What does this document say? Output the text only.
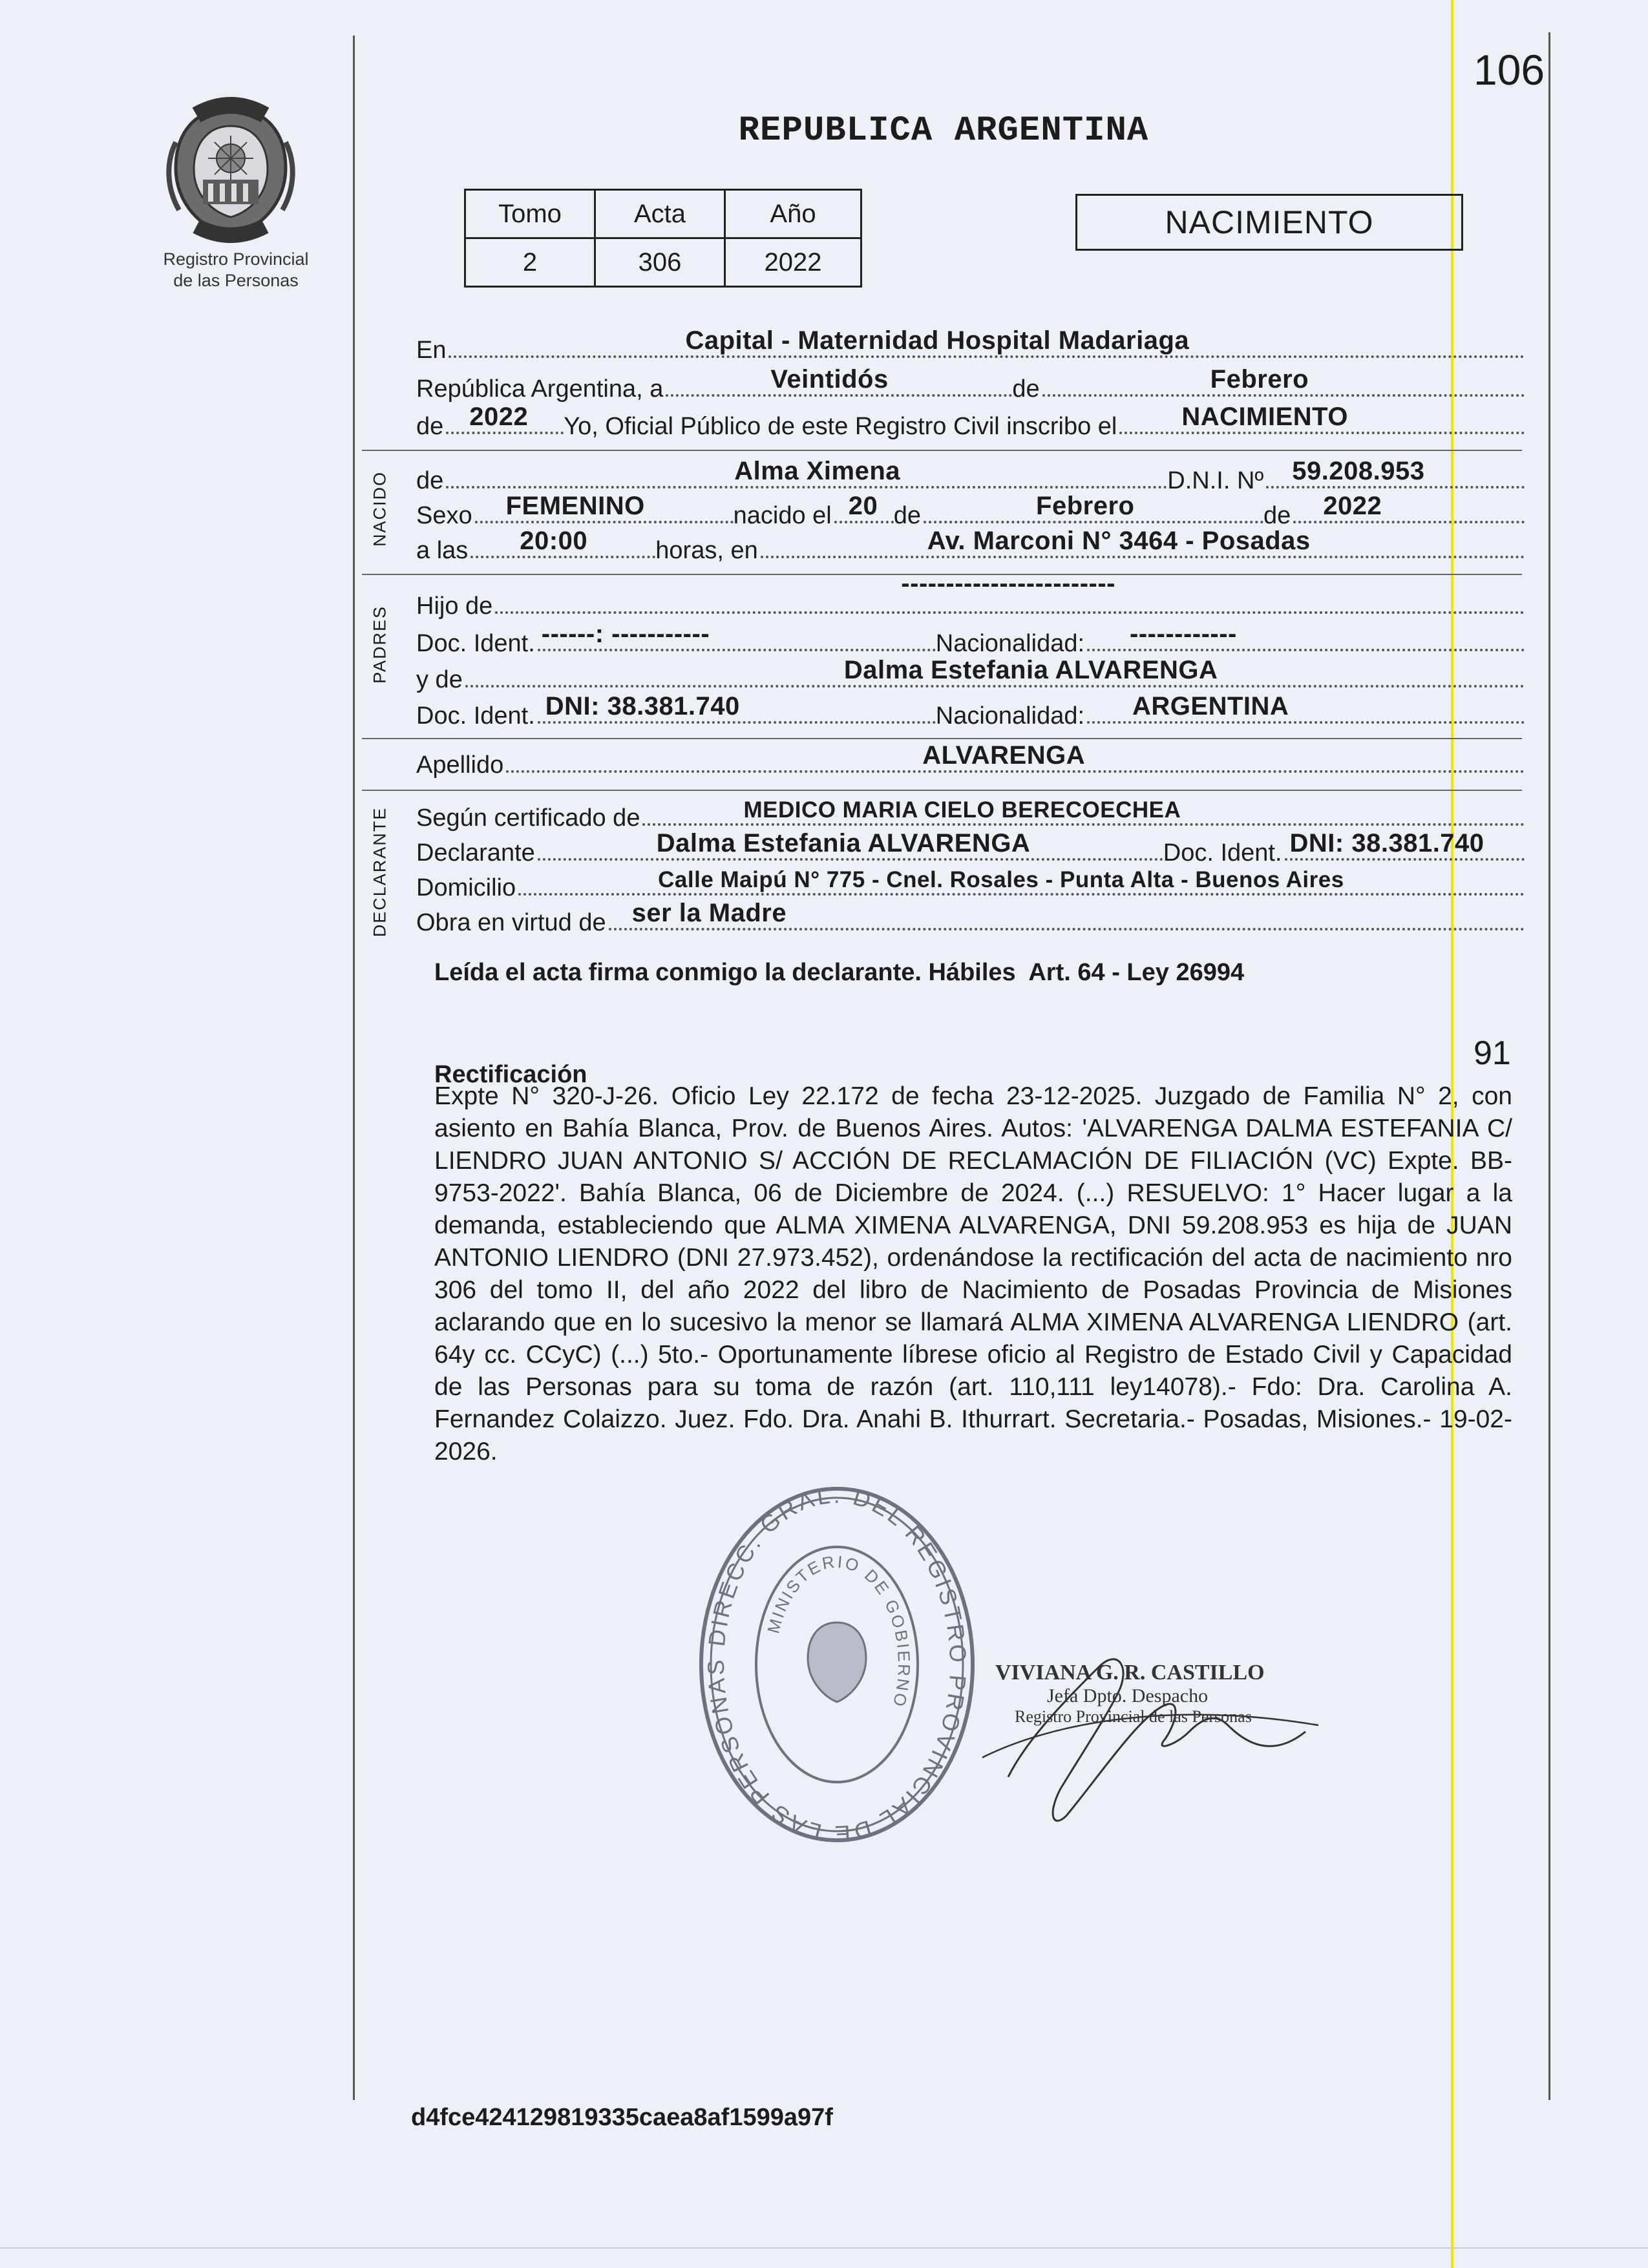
106
Registro Provincial
de las Personas
REPUBLICA ARGENTINA
Tomo	Acta	Año
2	306	2022
NACIMIENTO
En	Capital - Maternidad Hospital Madariaga
República Argentina, a	Veintidós	de	Febrero
de 2022 Yo, Oficial Público de este Registro Civil inscribo el	NACIMIENTO
NACIDO de	Alma Ximena	D.N.I. Nº 59.208.953
Sexo FEMENINO	nacido el 20 de	Febrero	de 2022
a las 20:00	horas, en	Av. Marconi N° 3464 - Posadas
PADRES Hijo de
------------------------
Doc. Ident. ------: -----------	Nacionalidad: ------------
y de	Dalma Estefania ALVARENGA
Doc. Ident. DNI: 38.381.740	Nacionalidad: ARGENTINA
Apellido	ALVARENGA
DECLARANTE Según certificado de	MEDICO MARIA CIELO BERECOECHEA
Declarante	Dalma Estefania ALVARENGA	Doc. Ident. DNI: 38.381.740
Domicilio	Calle Maipú N° 775 - Cnel. Rosales - Punta Alta - Buenos Aires
Obra en virtud de ser la Madre
Leída el acta firma conmigo la declarante. Hábiles  Art. 64 - Ley 26994
91
Rectificación
Expte N° 320-J-26. Oficio Ley 22.172 de fecha 23-12-2025. Juzgado de Familia N° 2, con asiento en Bahía Blanca, Prov. de Buenos Aires. Autos: 'ALVARENGA DALMA ESTEFANIA C/ LIENDRO JUAN ANTONIO S/ ACCIÓN DE RECLAMACIÓN DE FILIACIÓN (VC) Expte. BB-9753-2022'. Bahía Blanca, 06 de Diciembre de 2024. (...) RESUELVO: 1° Hacer lugar a la demanda, estableciendo que ALMA XIMENA ALVARENGA, DNI 59.208.953 es hija de JUAN ANTONIO LIENDRO (DNI 27.973.452), ordenándose la rectificación del acta de nacimiento nro 306 del tomo II, del año 2022 del libro de Nacimiento de Posadas Provincia de Misiones aclarando que en lo sucesivo la menor se llamará ALMA XIMENA ALVARENGA LIENDRO (art. 64y cc. CCyC) (...) 5to.- Oportunamente líbrese oficio al Registro de Estado Civil y Capacidad de las Personas para su toma de razón (art. 110,111 ley14078).- Fdo: Dra. Carolina A. Fernandez Colaizzo. Juez. Fdo. Dra. Anahi B. Ithurrart. Secretaria.- Posadas, Misiones.- 19-02-2026.
DIRECC. GRAL. DEL REGISTRO PROVINCIAL DE LAS PERSONAS
MINISTERIO DE GOBIERNO
VIVIANA G. R. CASTILLO
Jefa Dpto. Despacho
Registro Provincial de las Personas
d4fce424129819335caea8af1599a97f
